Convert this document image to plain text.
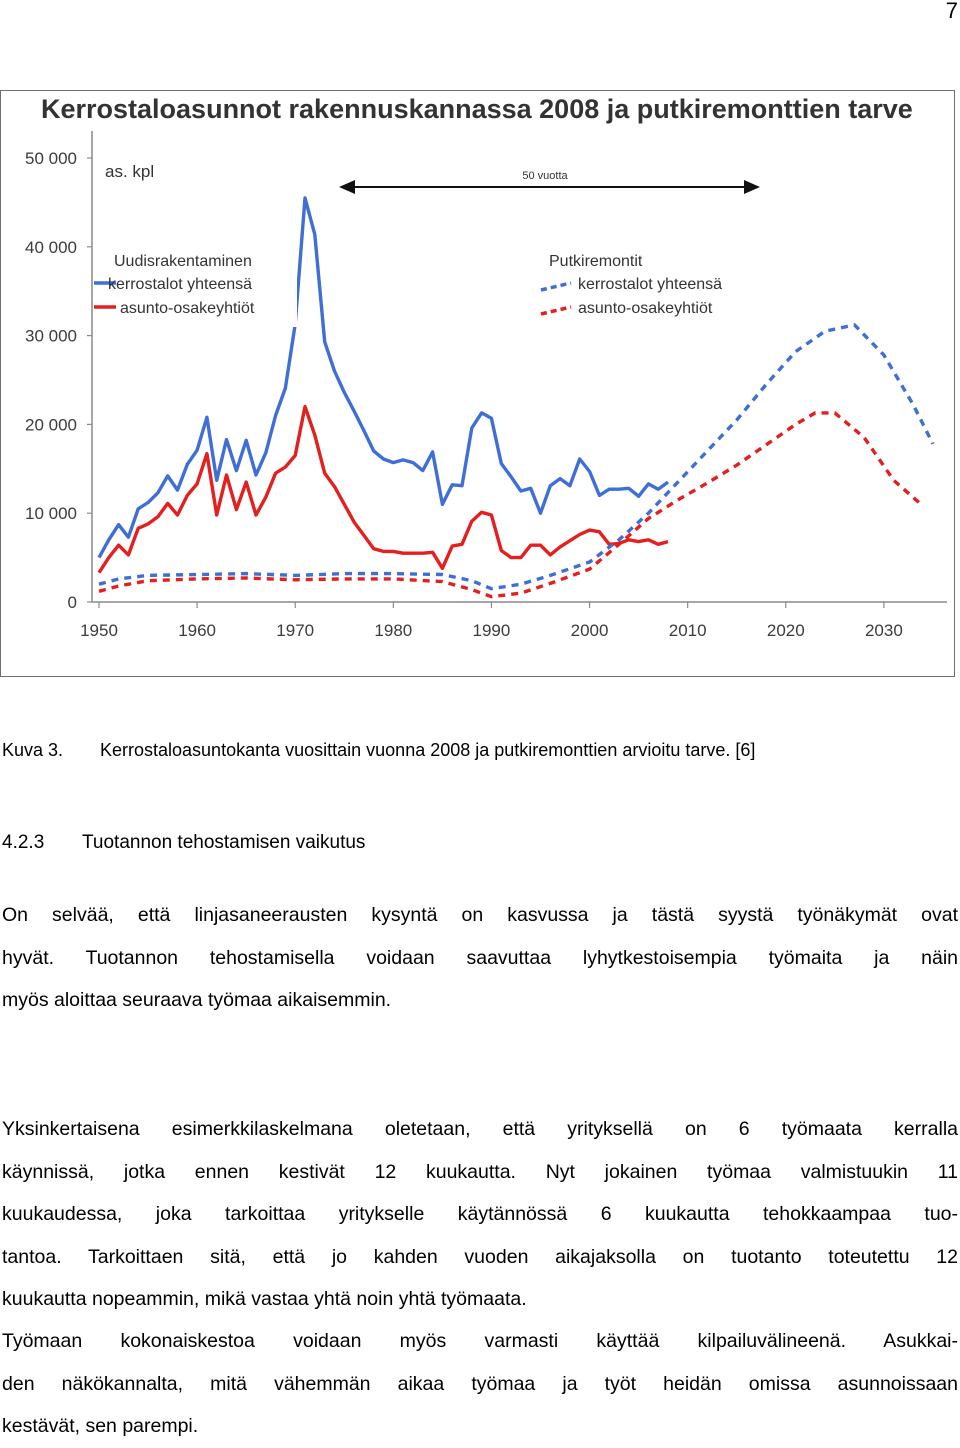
7
Kerrostaloasunnot rakennuskannassa 2008 ja putkiremonttien tarve
0
10 000
20 000
30 000
40 000
50 000
1950	1960	1970	1980	1990	2000	2010	2020	2030
as. kpl	50 vuotta
Uudisrakentaminen
kerrostalot yhteensä
asunto-osakeyhtiöt
Putkiremontit
kerrostalot yhteensä
asunto-osakeyhtiöt
Kuva 3. Kerrostaloasuntokanta vuosittain vuonna 2008 ja putkiremonttien arvioitu tarve. [6]
4.2.3 Tuotannon tehostamisen vaikutus
On selvää, että linjasaneerausten kysyntä on kasvussa ja tästä syystä työnäkymät ovat
hyvät. Tuotannon tehostamisella voidaan saavuttaa lyhytkestoisempia työmaita ja näin
myös aloittaa seuraava työmaa aikaisemmin.
Yksinkertaisena esimerkkilaskelmana oletetaan, että yrityksellä on 6 työmaata kerralla
käynnissä, jotka ennen kestivät 12 kuukautta. Nyt jokainen työmaa valmistuukin 11
kuukaudessa, joka tarkoittaa yritykselle käytännössä 6 kuukautta tehokkaampaa tuo-
tantoa. Tarkoittaen sitä, että jo kahden vuoden aikajaksolla on tuotanto toteutettu 12
kuukautta nopeammin, mikä vastaa yhtä noin yhtä työmaata.
Työmaan kokonaiskestoa voidaan myös varmasti käyttää kilpailuvälineenä. Asukkai-
den näkökannalta, mitä vähemmän aikaa työmaa ja työt heidän omissa asunnoissaan
kestävät, sen parempi.
